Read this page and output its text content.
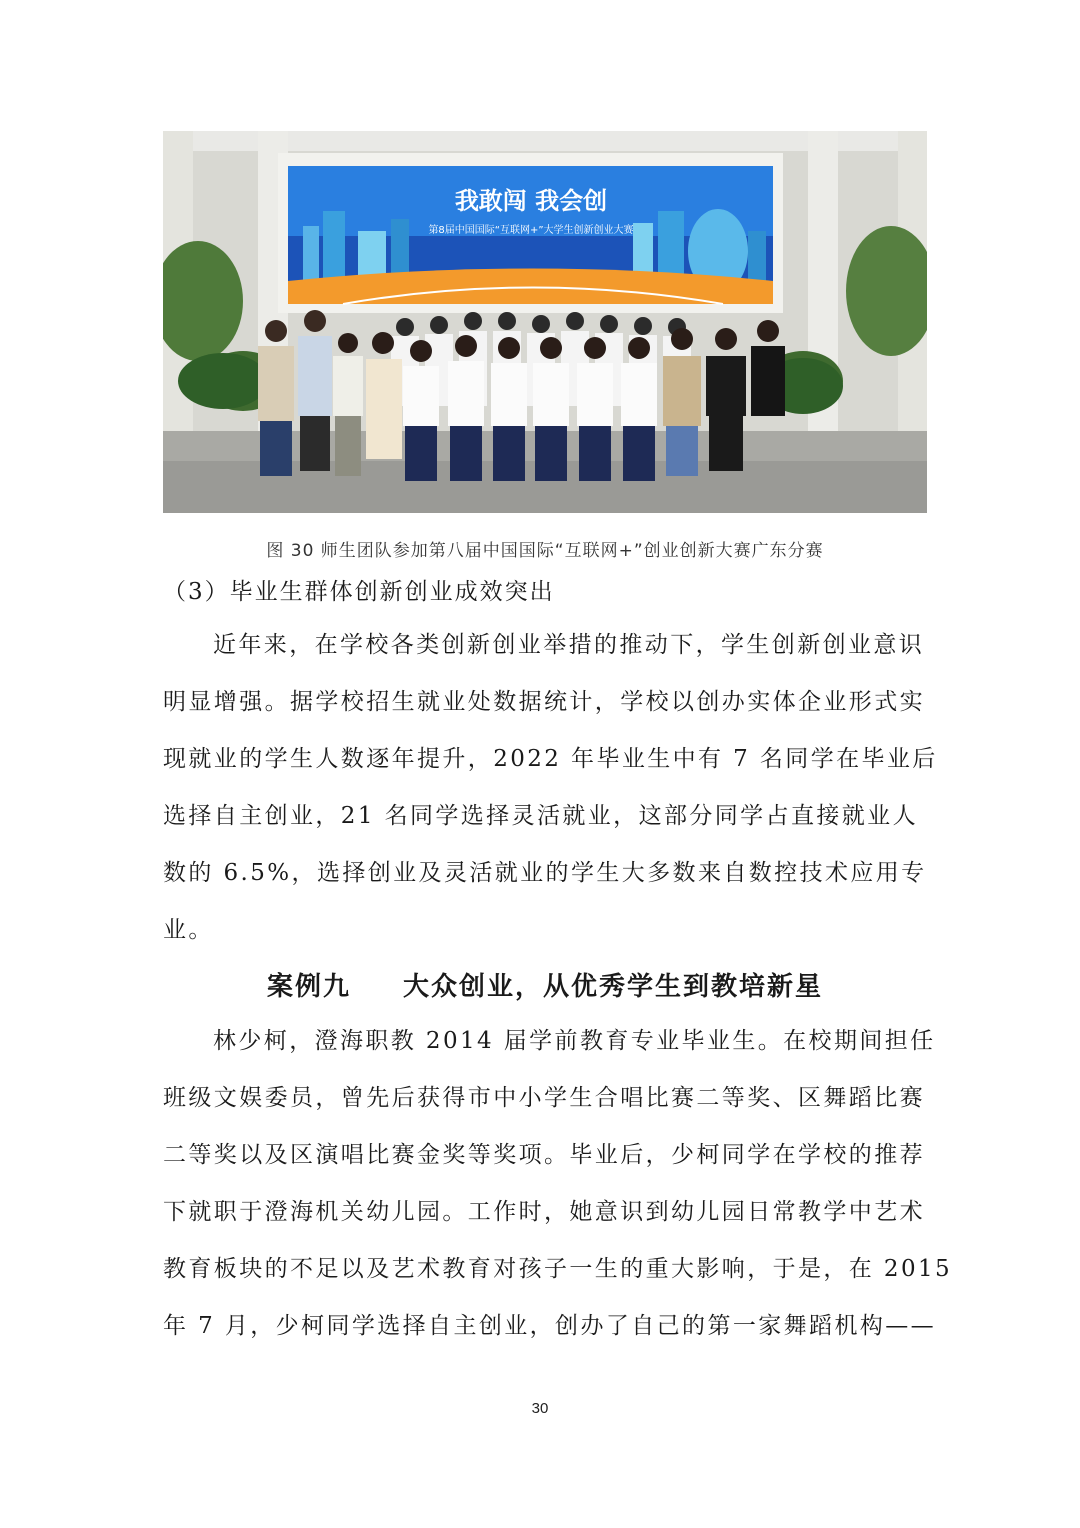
我敢闯 我会创
第8届中国国际“互联网+”大学生创新创业大赛
图 30 师生团队参加第八届中国国际“互联网+”创业创新大赛广东分赛
（3）毕业生群体创新创业成效突出
近年来，在学校各类创新创业举措的推动下，学生创新创业意识
明显增强。据学校招生就业处数据统计，学校以创办实体企业形式实
现就业的学生人数逐年提升，2022 年毕业生中有 7 名同学在毕业后
选择自主创业，21 名同学选择灵活就业，这部分同学占直接就业人
数的 6.5%，选择创业及灵活就业的学生大多数来自数控技术应用专
业。
案例九 大众创业，从优秀学生到教培新星
林少柯，澄海职教 2014 届学前教育专业毕业生。在校期间担任
班级文娱委员，曾先后获得市中小学生合唱比赛二等奖、区舞蹈比赛
二等奖以及区演唱比赛金奖等奖项。毕业后，少柯同学在学校的推荐
下就职于澄海机关幼儿园。工作时，她意识到幼儿园日常教学中艺术
教育板块的不足以及艺术教育对孩子一生的重大影响，于是，在 2015
年 7 月，少柯同学选择自主创业，创办了自己的第一家舞蹈机构——
30
